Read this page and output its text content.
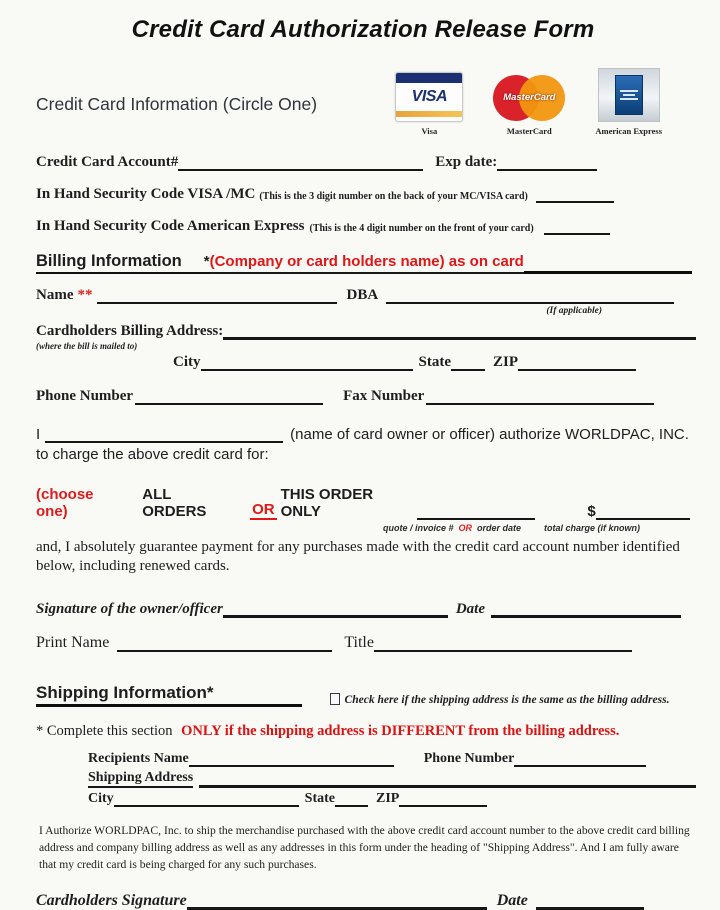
Credit Card Authorization Release Form
Credit Card Information (Circle One)	VISA
Visa
MasterCard
MasterCard	American Express
Credit Card Account#	Exp date:
In Hand Security Code VISA /MC (This is the 3 digit number on the back of your MC/VISA card)
In Hand Security Code American Express (This is the 4 digit number on the front of your card)
Billing Information * (Company or card holders name) as on card
Name **	DBA
(If applicable)
Cardholders Billing Address:
(where the bill is mailed to)
City	State	ZIP
Phone Number	Fax Number
I	(name of card owner or officer) authorize WORLDPAC, INC.
to charge the above credit card for:
(choose one)
ALL ORDERS	OR
THIS ORDER ONLY	$
quote / invoice # OR order date	total charge (if known)
and, I absolutely guarantee payment for any purchases made with the credit card account number identified below, including renewed cards.
Signature of the owner/officer	Date
Print Name	Title
Shipping Information*	Check here if the shipping address is the same as the billing address.
* Complete this section ONLY if the shipping address is DIFFERENT from the billing address.
Recipients Name	Phone Number
Shipping Address
City	State	ZIP
I Authorize WORLDPAC, Inc. to ship the merchandise purchased with the above credit card account number to the above credit card billing address and company billing address as well as any addresses in this form under the heading of "Shipping Address". And I am fully aware that my credit card is being charged for any such purchases.
Cardholders Signature	Date
